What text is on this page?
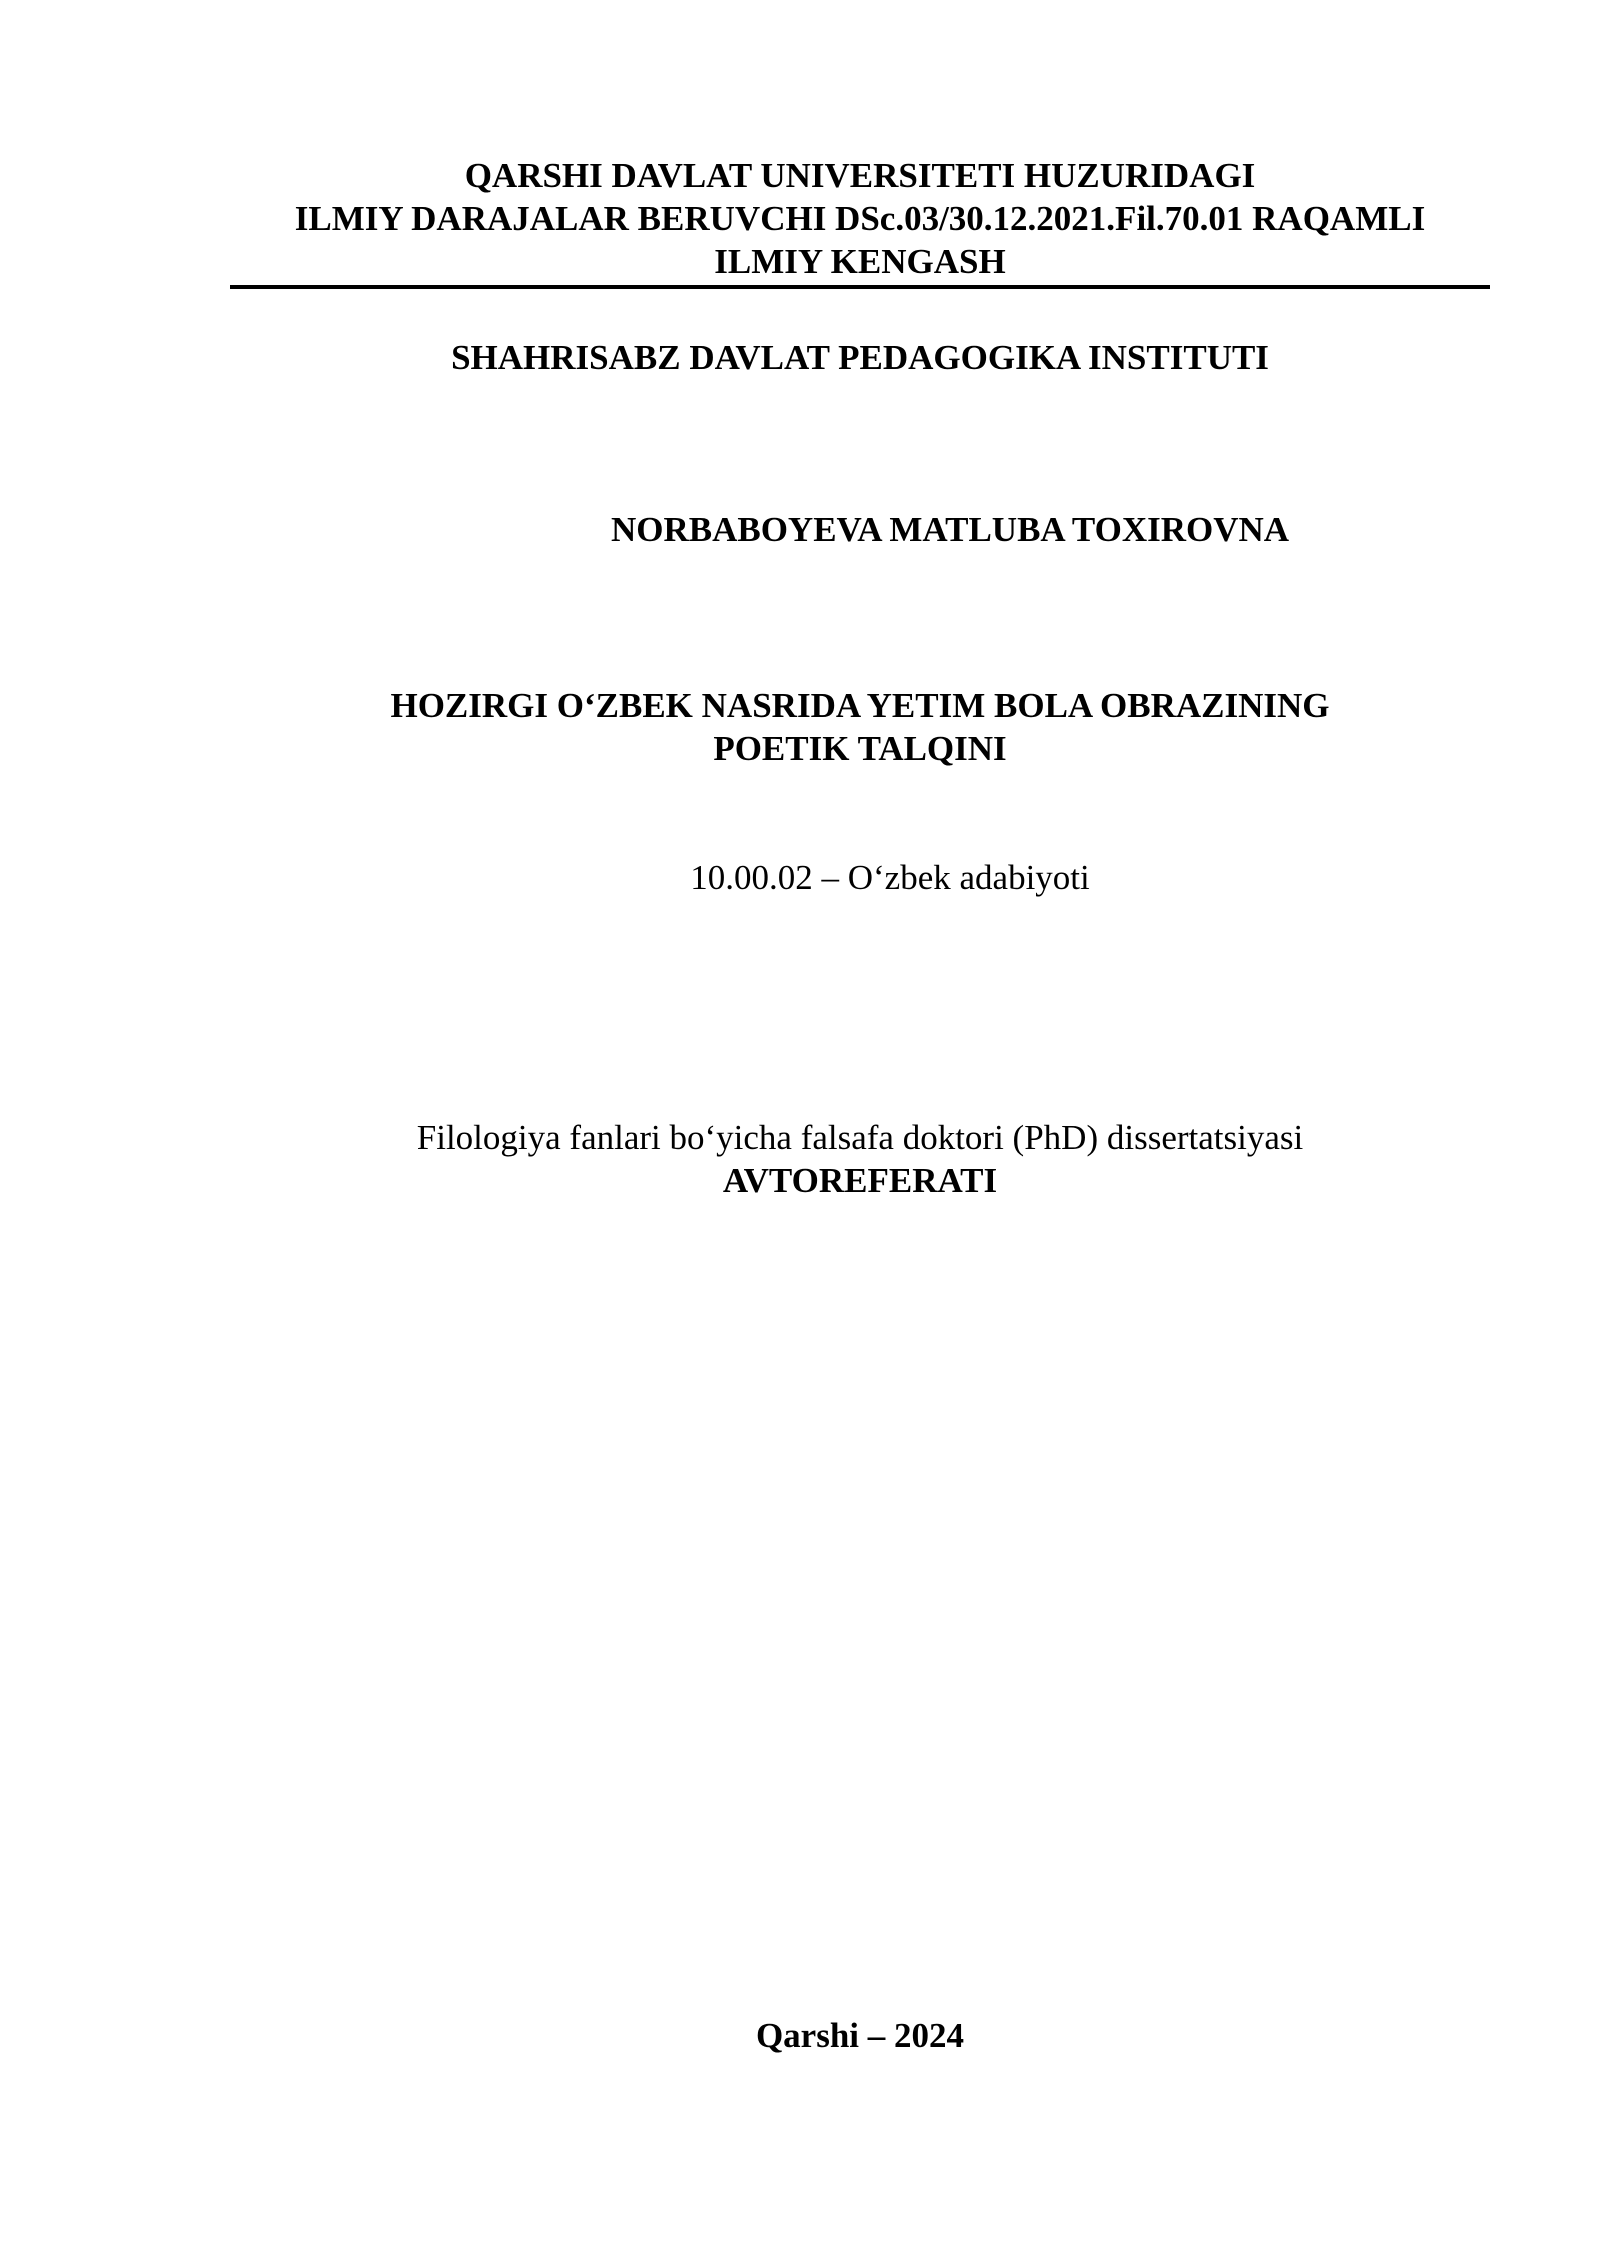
QARSHI DAVLAT UNIVERSITETI HUZURIDAGI
ILMIY DARAJALAR BERUVCHI DSc.03/30.12.2021.Fil.70.01 RAQAMLI
ILMIY KENGASH
SHAHRISABZ DAVLAT PEDAGOGIKA INSTITUTI
NORBABOYEVA MATLUBA TOXIROVNA
HOZIRGI O‘ZBEK NASRIDA YETIM BOLA OBRAZINING
POETIK TALQINI
10.00.02 – O‘zbek adabiyoti
Filologiya fanlari bo‘yicha falsafa doktori (PhD) dissertatsiyasi
AVTOREFERATI
Qarshi – 2024
